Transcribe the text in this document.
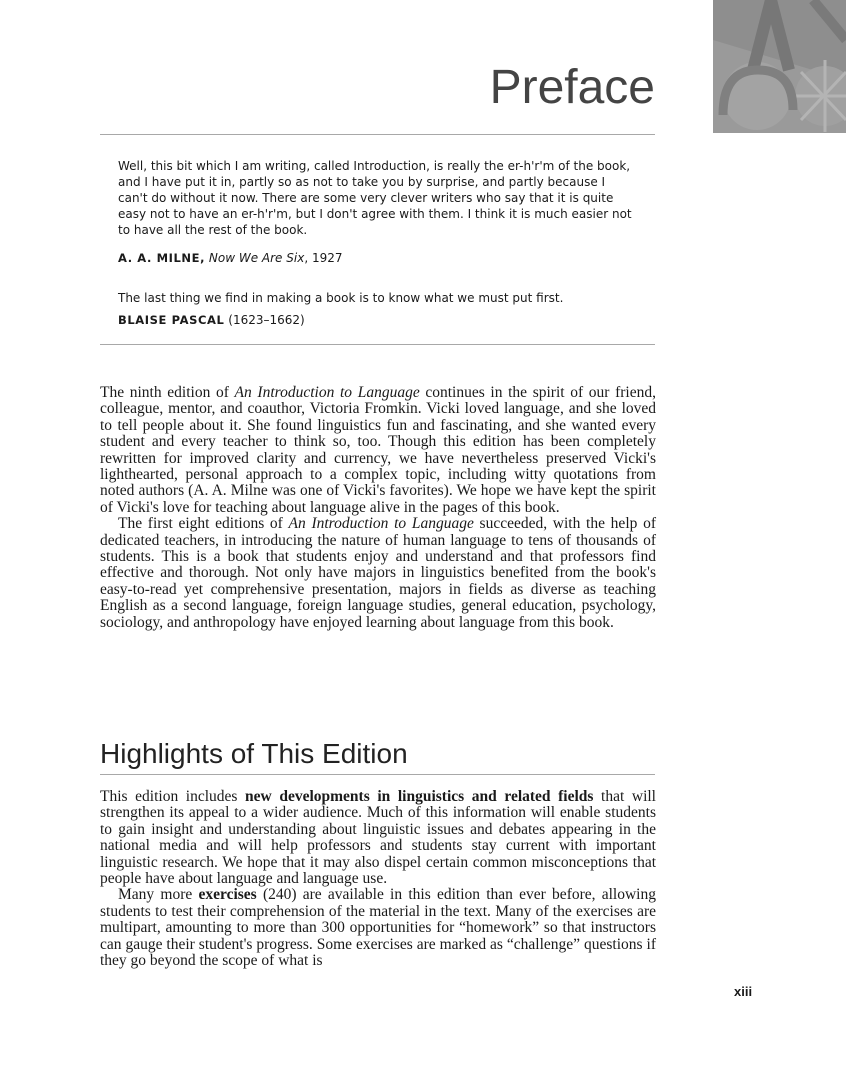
Preface
Well, this bit which I am writing, called Introduction, is really the er-h'r'm of the book, and I have put it in, partly so as not to take you by surprise, and partly because I can't do without it now. There are some very clever writers who say that it is quite easy not to have an er-h'r'm, but I don't agree with them. I think it is much easier not to have all the rest of the book.
A. A. MILNE, Now We Are Six, 1927
The last thing we find in making a book is to know what we must put first.
BLAISE PASCAL (1623–1662)

The ninth edition of An Introduction to Language continues in the spirit of our friend, colleague, mentor, and coauthor, Victoria Fromkin. Vicki loved language, and she loved to tell people about it. She found linguistics fun and fascinating, and she wanted every student and every teacher to think so, too. Though this edition has been completely rewritten for improved clarity and currency, we have nevertheless preserved Vicki's lighthearted, personal approach to a complex topic, including witty quotations from noted authors (A. A. Milne was one of Vicki's favorites). We hope we have kept the spirit of Vicki's love for teaching about language alive in the pages of this book.

The first eight editions of An Introduction to Language succeeded, with the help of dedicated teachers, in introducing the nature of human language to tens of thousands of students. This is a book that students enjoy and understand and that professors find effective and thorough. Not only have majors in linguistics benefited from the book's easy-to-read yet comprehensive presentation, majors in fields as diverse as teaching English as a second language, foreign language studies, general education, psychology, sociology, and anthropology have enjoyed learning about language from this book.

Highlights of This Edition

This edition includes new developments in linguistics and related fields that will strengthen its appeal to a wider audience. Much of this information will enable students to gain insight and understanding about linguistic issues and debates appearing in the national media and will help professors and students stay current with important linguistic research. We hope that it may also dispel certain common misconceptions that people have about language and language use.

Many more exercises (240) are available in this edition than ever before, allowing students to test their comprehension of the material in the text. Many of the exercises are multipart, amounting to more than 300 opportunities for “homework” so that instructors can gauge their student's progress. Some exercises are marked as “challenge” questions if they go beyond the scope of what is

xiii
